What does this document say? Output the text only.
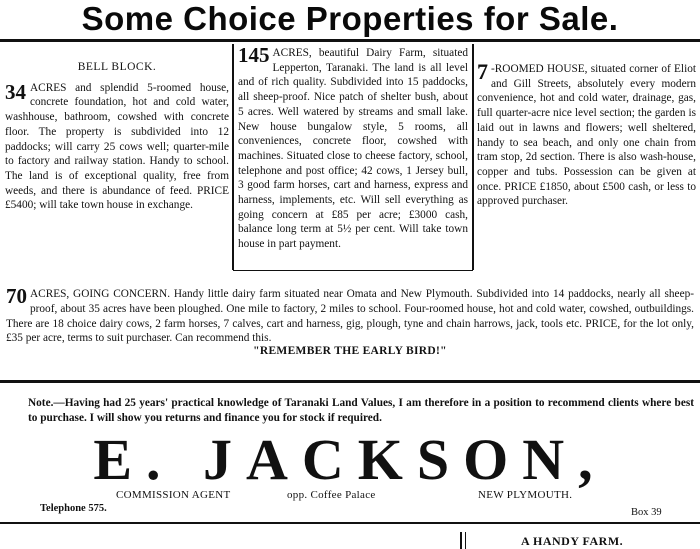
Some Choice Properties for Sale.

BELL BLOCK.

34 ACRES and splendid 5-roomed house, concrete foundation, hot and cold water, washhouse, bathroom, cowshed with concrete floor. The property is subdivided into 12 paddocks; will carry 25 cows well; quarter-mile to factory and railway station. Handy to school. The land is of exceptional quality, free from weeds, and there is abundance of feed. PRICE £5400; will take town house in exchange.

145 ACRES, beautiful Dairy Farm, situated Lepperton, Taranaki. The land is all level and of rich quality. Subdivided into 15 paddocks, all sheep-proof. Nice patch of shelter bush, about 5 acres. Well watered by streams and small lake. New house bungalow style, 5 rooms, all conveniences, concrete floor, cowshed with machines. Situated close to cheese factory, school, telephone and post office; 42 cows, 1 Jersey bull, 3 good farm horses, cart and harness, express and harness, implements, etc. Will sell everything as going concern at £85 per acre; £3000 cash, balance long term at 5½ per cent. Will take town house in part payment.

7 -ROOMED HOUSE, situated corner of Eliot and Gill Streets, absolutely every modern convenience, hot and cold water, drainage, gas, full quarter-acre nice level section; the garden is laid out in lawns and flowers; well sheltered, handy to sea beach, and only one chain from tram stop, 2d section. There is also wash-house, copper and tubs. Possession can be given at once. PRICE £1850, about £500 cash, or less to approved purchaser.

70 ACRES, GOING CONCERN. Handy little dairy farm situated near Omata and New Plymouth. Subdivided into 14 paddocks, nearly all sheep-proof, about 35 acres have been ploughed. One mile to factory, 2 miles to school. Four-roomed house, hot and cold water, cowshed, outbuildings. There are 18 choice dairy cows, 2 farm horses, 7 calves, cart and harness, gig, plough, tyne and chain harrows, jack, tools etc. PRICE, for the lot only, £35 per acre, terms to suit purchaser. Can recommend this.
"REMEMBER THE EARLY BIRD!"
Note.—Having had 25 years' practical knowledge of Taranaki Land Values, I am therefore in a position to recommend clients where best to purchase. I will show you returns and finance you for stock if required.
E. JACKSON,
COMMISSION AGENT	opp. Coffee Palace	NEW PLYMOUTH.
Telephone 575.	Box 39
A HANDY FARM.
